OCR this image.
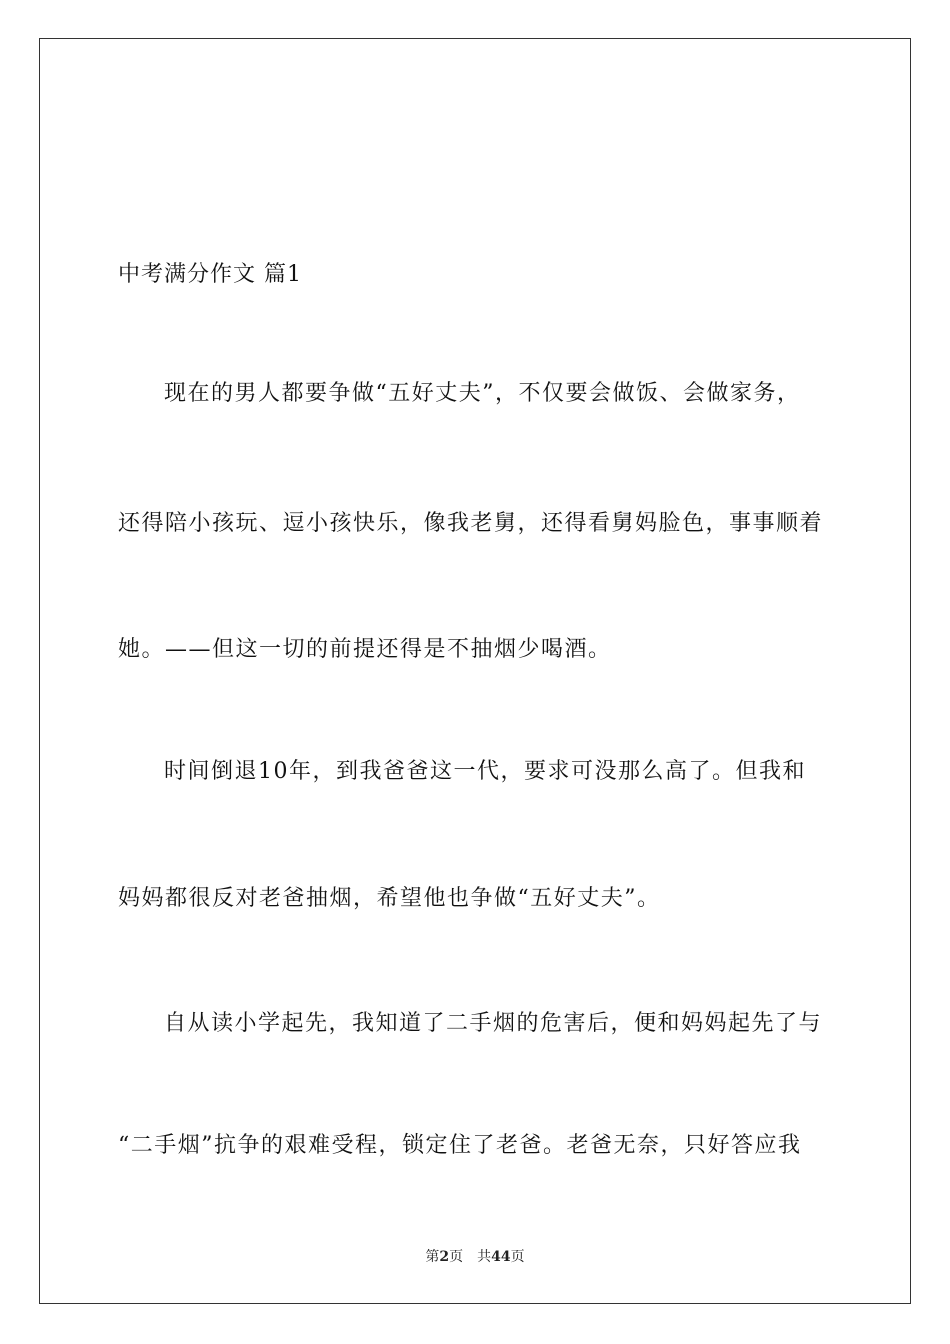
中考满分作文 篇1
现在的男人都要争做“五好丈夫”，不仅要会做饭、会做家务，
还得陪小孩玩、逗小孩快乐，像我老舅，还得看舅妈脸色，事事顺着
她。——但这一切的前提还得是不抽烟少喝酒。
时间倒退10年，到我爸爸这一代，要求可没那么高了。但我和
妈妈都很反对老爸抽烟，希望他也争做“五好丈夫”。
自从读小学起先，我知道了二手烟的危害后，便和妈妈起先了与
“二手烟”抗争的艰难受程，锁定住了老爸。老爸无奈，只好答应我
第2页 共44页
